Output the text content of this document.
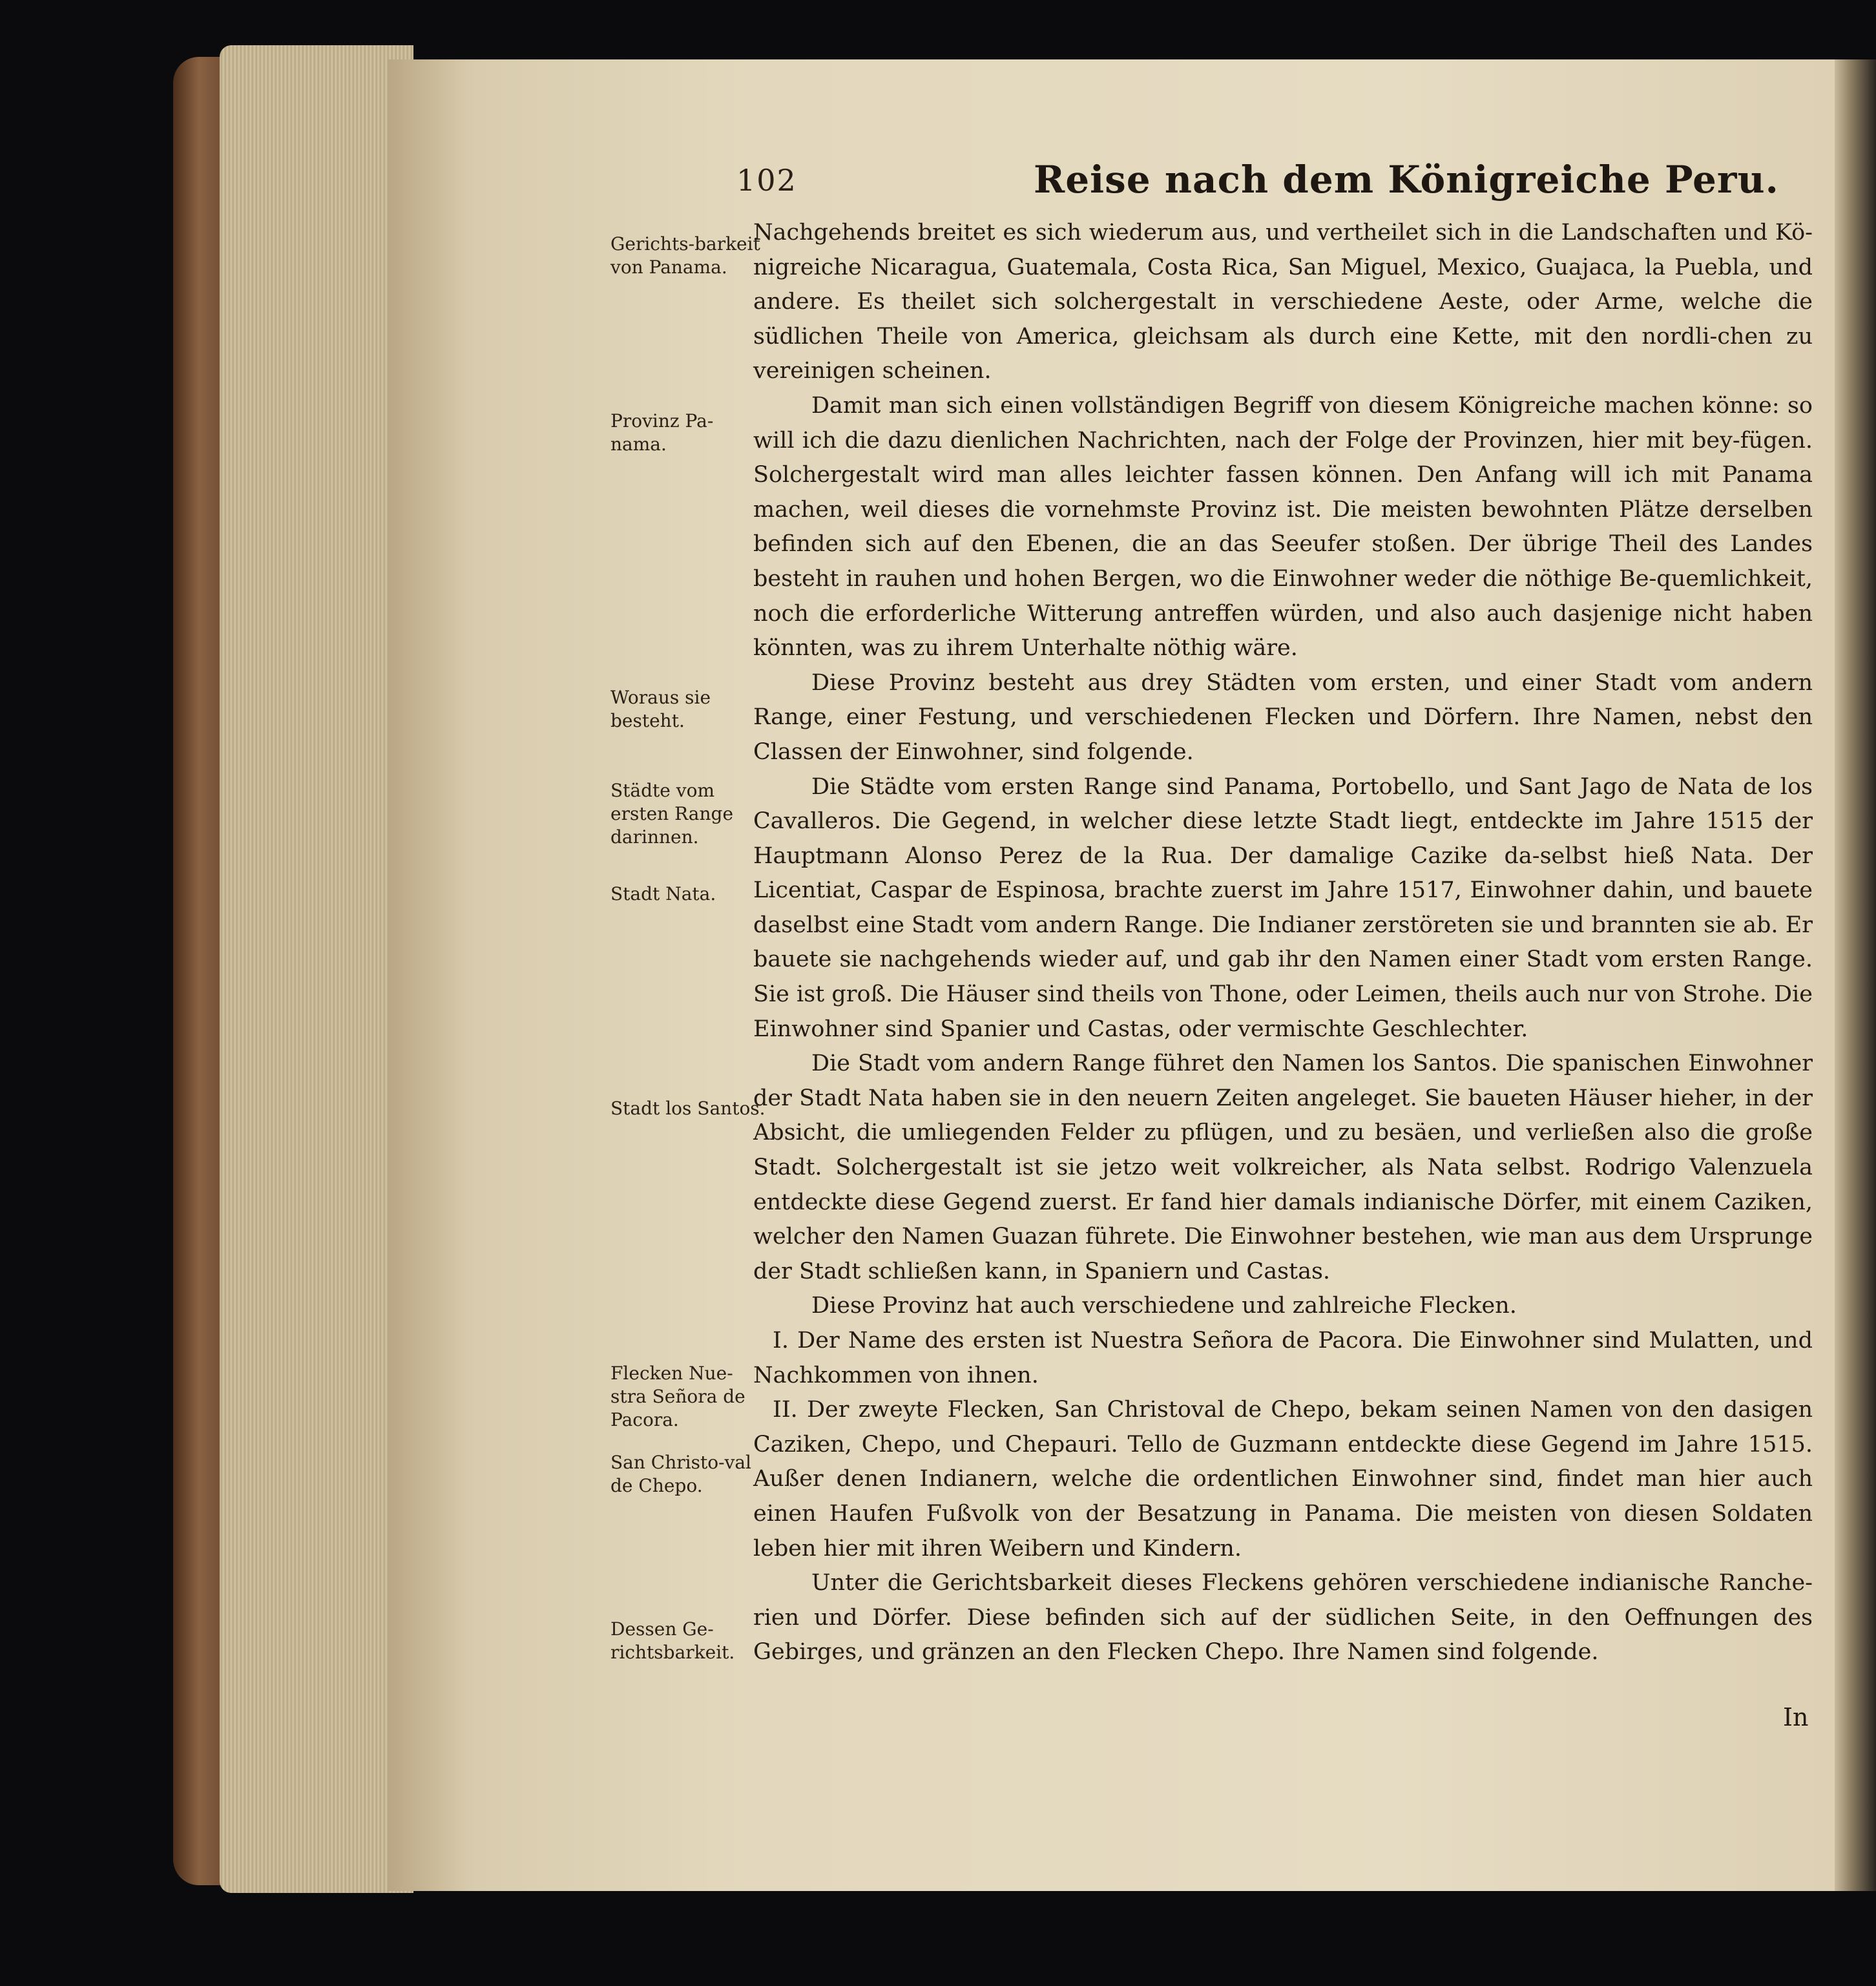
102	Reise nach dem Königreiche Peru.
Gerichts-barkeit von Panama.
Provinz Pa-nama.
Woraus sie besteht.
Städte vom ersten Range darinnen.
Stadt Nata.
Stadt los Santos.
Flecken Nue-stra Señora de Pacora.
San Christo-val de Chepo.
Dessen Ge-richtsbarkeit.

Nachgehends breitet es sich wiederum aus, und vertheilet sich in die Landschaften und Kö-nigreiche Nicaragua, Guatemala, Costa Rica, San Miguel, Mexico, Guajaca, la Puebla, und andere. Es theilet sich solchergestalt in verschiedene Aeste, oder Arme, welche die südlichen Theile von America, gleichsam als durch eine Kette, mit den nordli-chen zu vereinigen scheinen.

Damit man sich einen vollständigen Begriff von diesem Königreiche machen könne: so will ich die dazu dienlichen Nachrichten, nach der Folge der Provinzen, hier mit bey-fügen. Solchergestalt wird man alles leichter fassen können. Den Anfang will ich mit Panama machen, weil dieses die vornehmste Provinz ist. Die meisten bewohnten Plätze derselben befinden sich auf den Ebenen, die an das Seeufer stoßen. Der übrige Theil des Landes besteht in rauhen und hohen Bergen, wo die Einwohner weder die nöthige Be-quemlichkeit, noch die erforderliche Witterung antreffen würden, und also auch dasjenige nicht haben könnten, was zu ihrem Unterhalte nöthig wäre.

Diese Provinz besteht aus drey Städten vom ersten, und einer Stadt vom andern Range, einer Festung, und verschiedenen Flecken und Dörfern. Ihre Namen, nebst den Classen der Einwohner, sind folgende.

Die Städte vom ersten Range sind Panama, Portobello, und Sant Jago de Nata de los Cavalleros. Die Gegend, in welcher diese letzte Stadt liegt, entdeckte im Jahre 1515 der Hauptmann Alonso Perez de la Rua. Der damalige Cazike da-selbst hieß Nata. Der Licentiat, Caspar de Espinosa, brachte zuerst im Jahre 1517, Einwohner dahin, und bauete daselbst eine Stadt vom andern Range. Die Indianer zerstöreten sie und brannten sie ab. Er bauete sie nachgehends wieder auf, und gab ihr den Namen einer Stadt vom ersten Range. Sie ist groß. Die Häuser sind theils von Thone, oder Leimen, theils auch nur von Strohe. Die Einwohner sind Spanier und Castas, oder vermischte Geschlechter.

Die Stadt vom andern Range führet den Namen los Santos. Die spanischen Einwohner der Stadt Nata haben sie in den neuern Zeiten angeleget. Sie baueten Häuser hieher, in der Absicht, die umliegenden Felder zu pflügen, und zu besäen, und verließen also die große Stadt. Solchergestalt ist sie jetzo weit volkreicher, als Nata selbst. Rodrigo Valenzuela entdeckte diese Gegend zuerst. Er fand hier damals indianische Dörfer, mit einem Caziken, welcher den Namen Guazan führete. Die Einwohner bestehen, wie man aus dem Ursprunge der Stadt schließen kann, in Spaniern und Castas.

Diese Provinz hat auch verschiedene und zahlreiche Flecken.

I. Der Name des ersten ist Nuestra Señora de Pacora. Die Einwohner sind Mulatten, und Nachkommen von ihnen.

II. Der zweyte Flecken, San Christoval de Chepo, bekam seinen Namen von den dasigen Caziken, Chepo, und Chepauri. Tello de Guzmann entdeckte diese Gegend im Jahre 1515. Außer denen Indianern, welche die ordentlichen Einwohner sind, findet man hier auch einen Haufen Fußvolk von der Besatzung in Panama. Die meisten von diesen Soldaten leben hier mit ihren Weibern und Kindern.

Unter die Gerichtsbarkeit dieses Fleckens gehören verschiedene indianische Ranche-rien und Dörfer. Diese befinden sich auf der südlichen Seite, in den Oeffnungen des Gebirges, und gränzen an den Flecken Chepo. Ihre Namen sind folgende.

In
